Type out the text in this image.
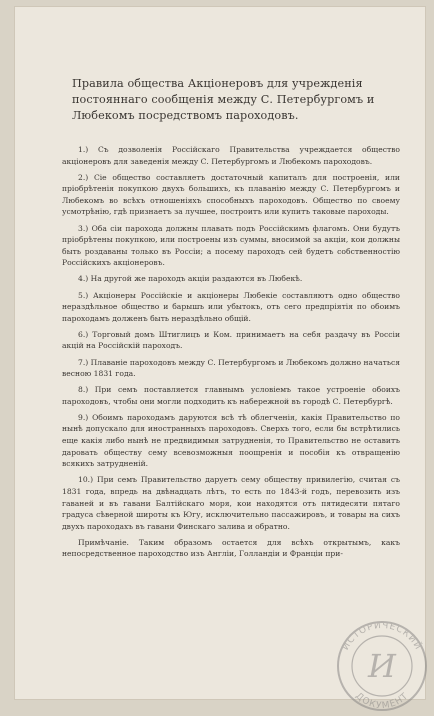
Правила общества Акціонеровъ для учрежденія постояннаго сообщенія между С. Петербургомъ и Любекомъ посредствомъ пароходовъ.
1.) Съ дозволенія Россійскаго Правительства учреждается общество акціонеровъ для заведенія между С. Петербургомъ и Любекомъ пароходовъ.
2.) Сіе общество составляетъ достаточный капиталъ для построенія, или пріобрѣтенія покупкою двухъ большихъ, къ плаванію между С. Петербургомъ и Любекомъ во всѣхъ отношеніяхъ способныхъ пароходовъ. Общество по своему усмотрѣнію, гдѣ признаетъ за лучшее, построитъ или купитъ таковые пароходы.
3.) Оба сіи парохода должны плавать подъ Россійскимъ флагомъ. Они будутъ пріобрѣтены покупкою, или построены изъ суммы, вносимой за акціи, кои должны быть роздаваны только въ Россіи; а посему пароходъ сей будетъ собственностію Россійскихъ акціонеровъ.
4.) На другой же пароходъ акціи раздаются въ Любекѣ.
5.) Акціонеры Россійскіе и акціонеры Любекіе составляютъ одно общество нераздѣльное общество и барышъ или убытокъ, отъ сего предпріятія по обоимъ пароходамъ долженъ быть нераздѣльно общій.
6.) Торговый домъ Штиглицъ и Ком. принимаетъ на себя раздачу въ Россіи акцій на Россійскій пароходъ.
7.) Плаваніе пароходовъ между С. Петербургомъ и Любекомъ должно начаться весною 1831 года.
8.) При семъ поставляется главнымъ условіемъ такое устроеніе обоихъ пароходовъ, чтобы они могли подходить къ набережной въ городѣ С. Петербургѣ.
9.) Обоимъ пароходамъ даруются всѣ тѣ облегченія, какія Правительство по нынѣ допускало для иностранныхъ пароходовъ. Сверхъ того, если бы встрѣтились еще какія либо нынѣ не предвидимыя затрудненія, то Правительство не оставитъ даровать обществу сему всевозможныя поощренія и пособія къ отвращенію всякихъ затрудненій.
10.) При семъ Правительство даруетъ сему обществу привилегію, считая съ 1831 года, впредь на двѣнадцать лѣтъ, то есть по 1843-й годъ, перевозить изъ гаваней и въ гавани Балтійскаго моря, кои находятся отъ пятидесяти пятаго градуса сѣверной широты къ Югу, исключительно пассажировъ, и товары на сихъ двухъ пароходахъ въ гавани Финскаго залива и обратно.
Примѣчаніе. Таким образомъ остается для всѣхъ открытымъ, какъ непосредственное пароходство изъ Англіи, Голландіи и Франціи при-
ИСТОРИЧЕСКИЙ
ДОКУМЕНТ
И
